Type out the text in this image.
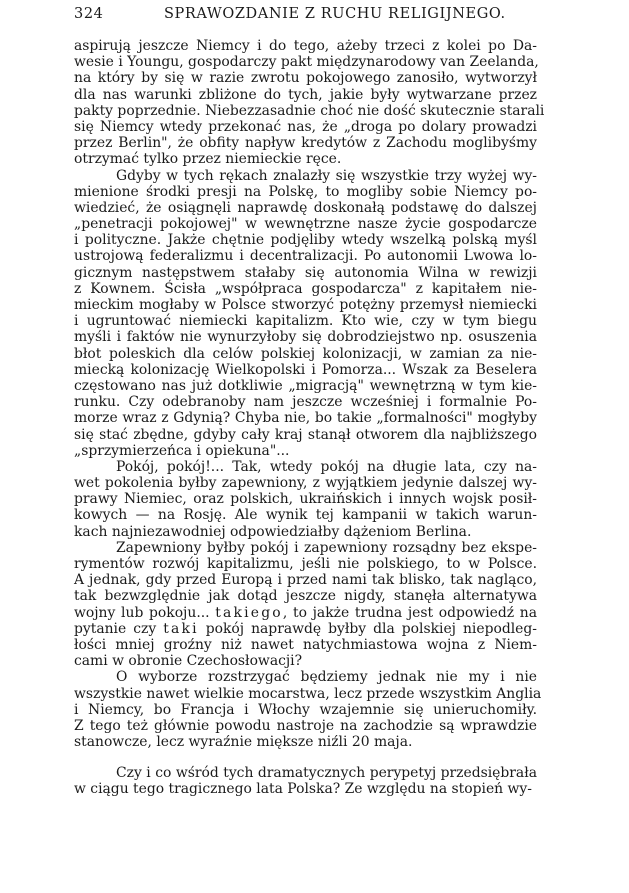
324	SPRAWOZDANIE Z RUCHU RELIGIJNEGO.
aspirują jeszcze Niemcy i do tego, ażeby trzeci z kolei po Da-
wesie i Youngu, gospodarczy pakt międzynarodowy van Zeelanda,
na który by się w razie zwrotu pokojowego zanosiło, wytworzył
dla nas warunki zbliżone do tych, jakie były wytwarzane przez
pakty poprzednie. Niebezzasadnie choć nie dość skutecznie starali
się Niemcy wtedy przekonać nas, że „droga po dolary prowadzi
przez Berlin", że obfity napływ kredytów z Zachodu moglibyśmy
otrzymać tylko przez niemieckie ręce.
Gdyby w tych rękach znalazły się wszystkie trzy wyżej wy-
mienione środki presji na Polskę, to mogliby sobie Niemcy po-
wiedzieć, że osiągnęli naprawdę doskonałą podstawę do dalszej
„penetracji pokojowej" w wewnętrzne nasze życie gospodarcze
i polityczne. Jakże chętnie podjęliby wtedy wszelką polską myśl
ustrojową federalizmu i decentralizacji. Po autonomii Lwowa lo-
gicznym następstwem stałaby się autonomia Wilna w rewizji
z Kownem. Ścisła „współpraca gospodarcza" z kapitałem nie-
mieckim mogłaby w Polsce stworzyć potężny przemysł niemiecki
i ugruntować niemiecki kapitalizm. Kto wie, czy w tym biegu
myśli i faktów nie wynurzyłoby się dobrodziejstwo np. osuszenia
błot poleskich dla celów polskiej kolonizacji, w zamian za nie-
miecką kolonizację Wielkopolski i Pomorza... Wszak za Beselera
częstowano nas już dotkliwie „migracją" wewnętrzną w tym kie-
runku. Czy odebranoby nam jeszcze wcześniej i formalnie Po-
morze wraz z Gdynią? Chyba nie, bo takie „formalności" mogłyby
się stać zbędne, gdyby cały kraj stanął otworem dla najbliższego
„sprzymierzeńca i opiekuna"...
Pokój, pokój!... Tak, wtedy pokój na długie lata, czy na-
wet pokolenia byłby zapewniony, z wyjątkiem jedynie dalszej wy-
prawy Niemiec, oraz polskich, ukraińskich i innych wojsk posił-
kowych — na Rosję. Ale wynik tej kampanii w takich warun-
kach najniezawodniej odpowiedziałby dążeniom Berlina.
Zapewniony byłby pokój i zapewniony rozsądny bez ekspe-
rymentów rozwój kapitalizmu, jeśli nie polskiego, to w Polsce.
A jednak, gdy przed Europą i przed nami tak blisko, tak nagląco,
tak bezwzględnie jak dotąd jeszcze nigdy, stanęła alternatywa
wojny lub pokoju... takiego, to jakże trudna jest odpowiedź na
pytanie czy taki pokój naprawdę byłby dla polskiej niepodleg-
łości mniej groźny niż nawet natychmiastowa wojna z Niem-
cami w obronie Czechosłowacji?
O wyborze rozstrzygać będziemy jednak nie my i nie
wszystkie nawet wielkie mocarstwa, lecz przede wszystkim Anglia
i Niemcy, bo Francja i Włochy wzajemnie się unieruchomiły.
Z tego też głównie powodu nastroje na zachodzie są wprawdzie
stanowcze, lecz wyraźnie miększe niźli 20 maja.
Czy i co wśród tych dramatycznych perypetyj przedsiębrała
w ciągu tego tragicznego lata Polska? Ze względu na stopień wy-
